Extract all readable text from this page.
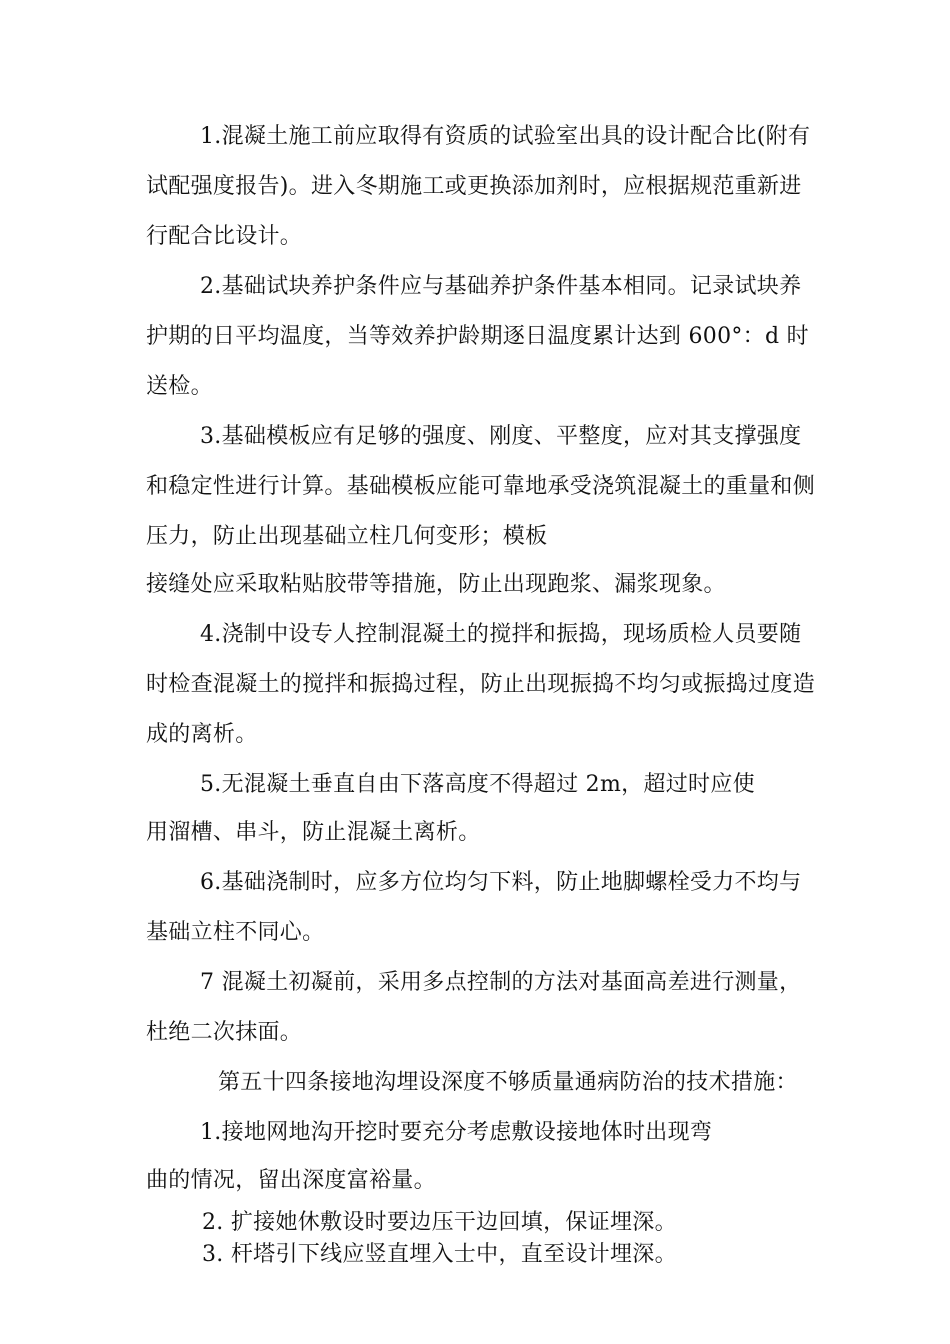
1.混凝土施工前应取得有资质的试验室出具的设计配合比(附有
试配强度报告)。进入冬期施工或更换添加剂时，应根据规范重新进
行配合比设计。
2.基础试块养护条件应与基础养护条件基本相同。记录试块养
护期的日平均温度，当等效养护龄期逐日温度累计达到 600°：d 时
送检。
3.基础模板应有足够的强度、刚度、平整度，应对其支撑强度
和稳定性进行计算。基础模板应能可靠地承受浇筑混凝土的重量和侧
压力，防止出现基础立柱几何变形；模板
接缝处应采取粘贴胶带等措施，防止出现跑浆、漏浆现象。
4.浇制中设专人控制混凝土的搅拌和振捣，现场质检人员要随
时检查混凝土的搅拌和振捣过程，防止出现振捣不均匀或振捣过度造
成的离析。
5.无混凝土垂直自由下落高度不得超过 2m，超过时应使
用溜槽、串斗，防止混凝土离析。
6.基础浇制时，应多方位均匀下料，防止地脚螺栓受力不均与
基础立柱不同心。
7 混凝土初凝前，采用多点控制的方法对基面高差进行测量，
杜绝二次抹面。
第五十四条接地沟埋设深度不够质量通病防治的技术措施：
1.接地网地沟开挖时要充分考虑敷设接地体时出现弯
曲的情况，留出深度富裕量。
2. 扩接她休敷设时要边压干边回填，保证埋深。
3. 杆塔引下线应竖直埋入士中，直至设计埋深。
